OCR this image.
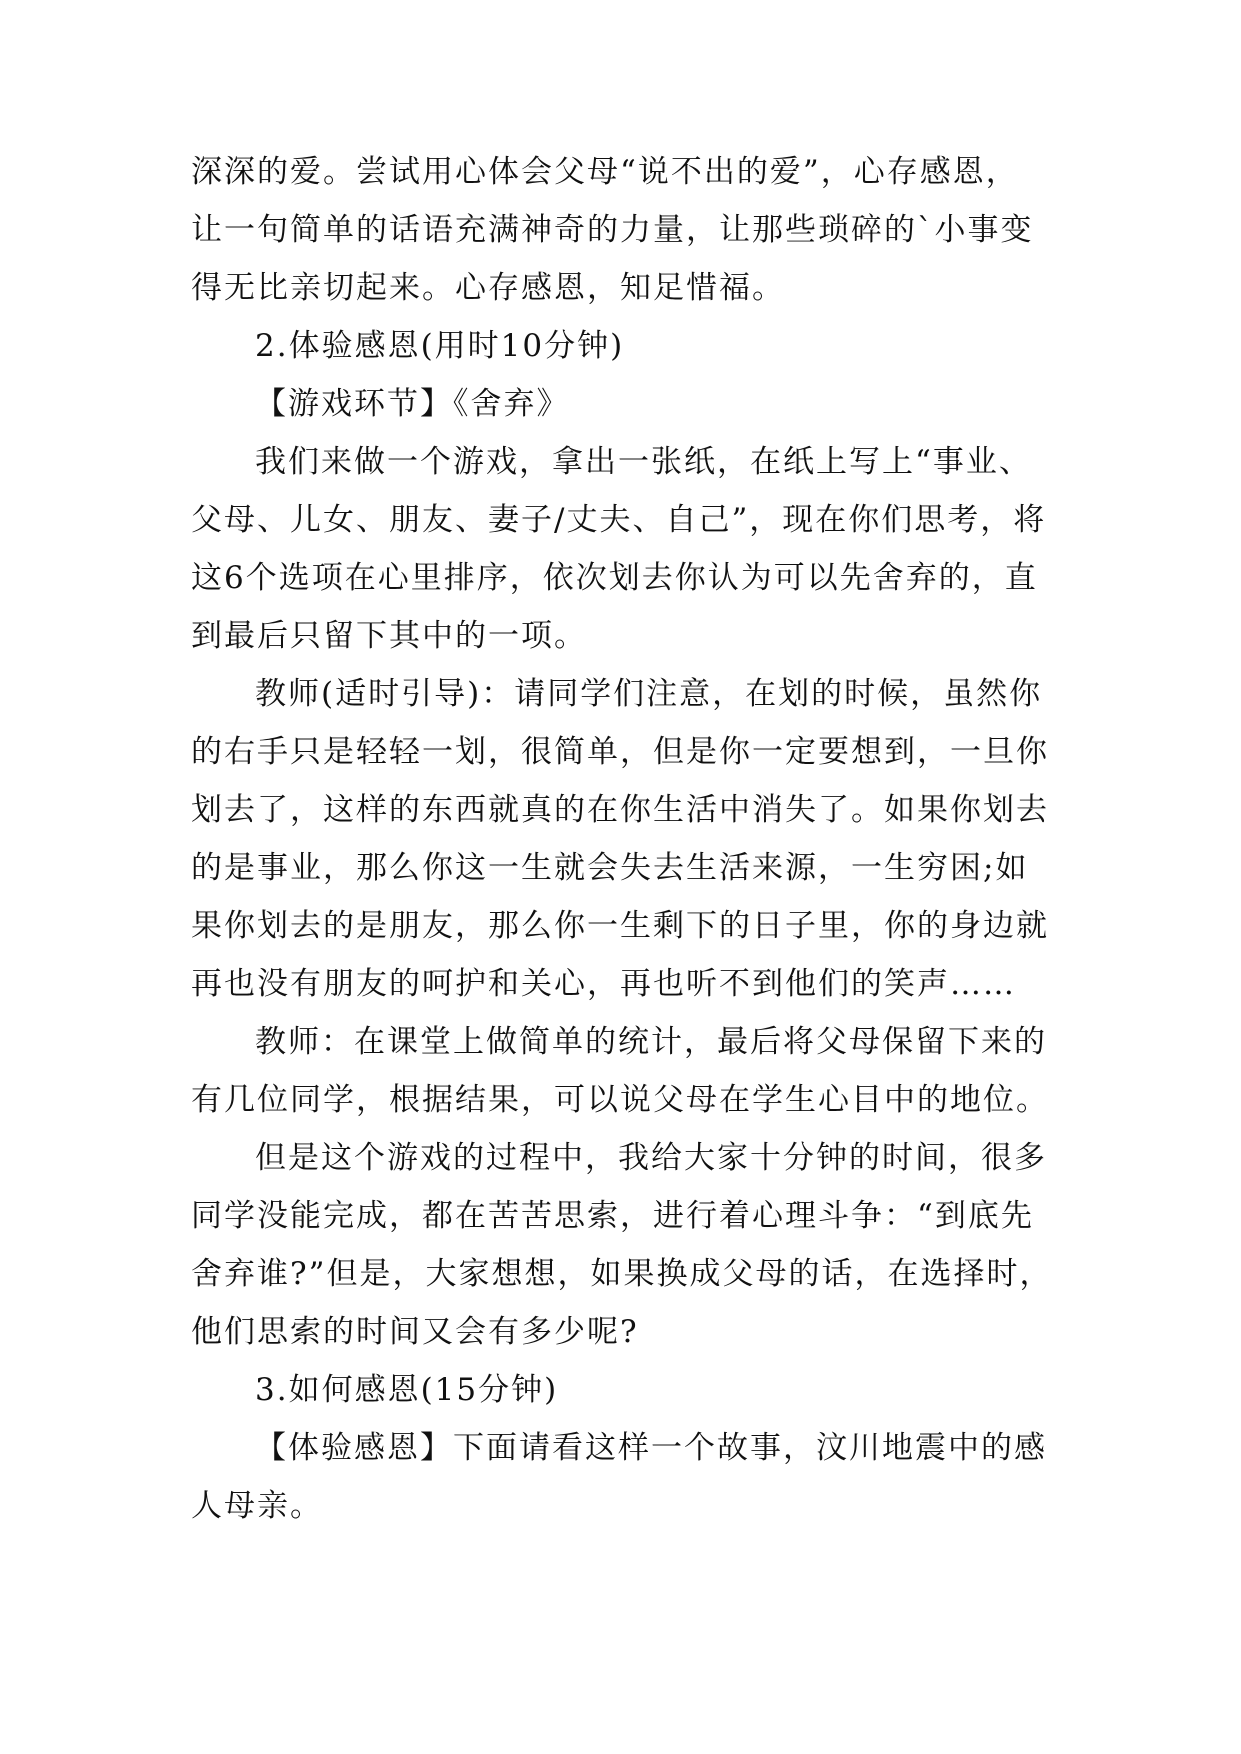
深深的爱。尝试用心体会父母“说不出的爱”，心存感恩，
让一句简单的话语充满神奇的力量，让那些琐碎的`小事变
得无比亲切起来。心存感恩，知足惜福。
2.体验感恩(用时10分钟)
【游戏环节】《舍弃》
我们来做一个游戏，拿出一张纸，在纸上写上“事业、
父母、儿女、朋友、妻子/丈夫、自己”，现在你们思考，将
这6个选项在心里排序，依次划去你认为可以先舍弃的，直
到最后只留下其中的一项。
教师(适时引导)：请同学们注意，在划的时候，虽然你
的右手只是轻轻一划，很简单，但是你一定要想到，一旦你
划去了，这样的东西就真的在你生活中消失了。如果你划去
的是事业，那么你这一生就会失去生活来源，一生穷困;如
果你划去的是朋友，那么你一生剩下的日子里，你的身边就
再也没有朋友的呵护和关心，再也听不到他们的笑声……
教师：在课堂上做简单的统计，最后将父母保留下来的
有几位同学，根据结果，可以说父母在学生心目中的地位。
但是这个游戏的过程中，我给大家十分钟的时间，很多
同学没能完成，都在苦苦思索，进行着心理斗争：“到底先
舍弃谁?”但是，大家想想，如果换成父母的话，在选择时，
他们思索的时间又会有多少呢?
3.如何感恩(15分钟)
【体验感恩】下面请看这样一个故事，汶川地震中的感
人母亲。
